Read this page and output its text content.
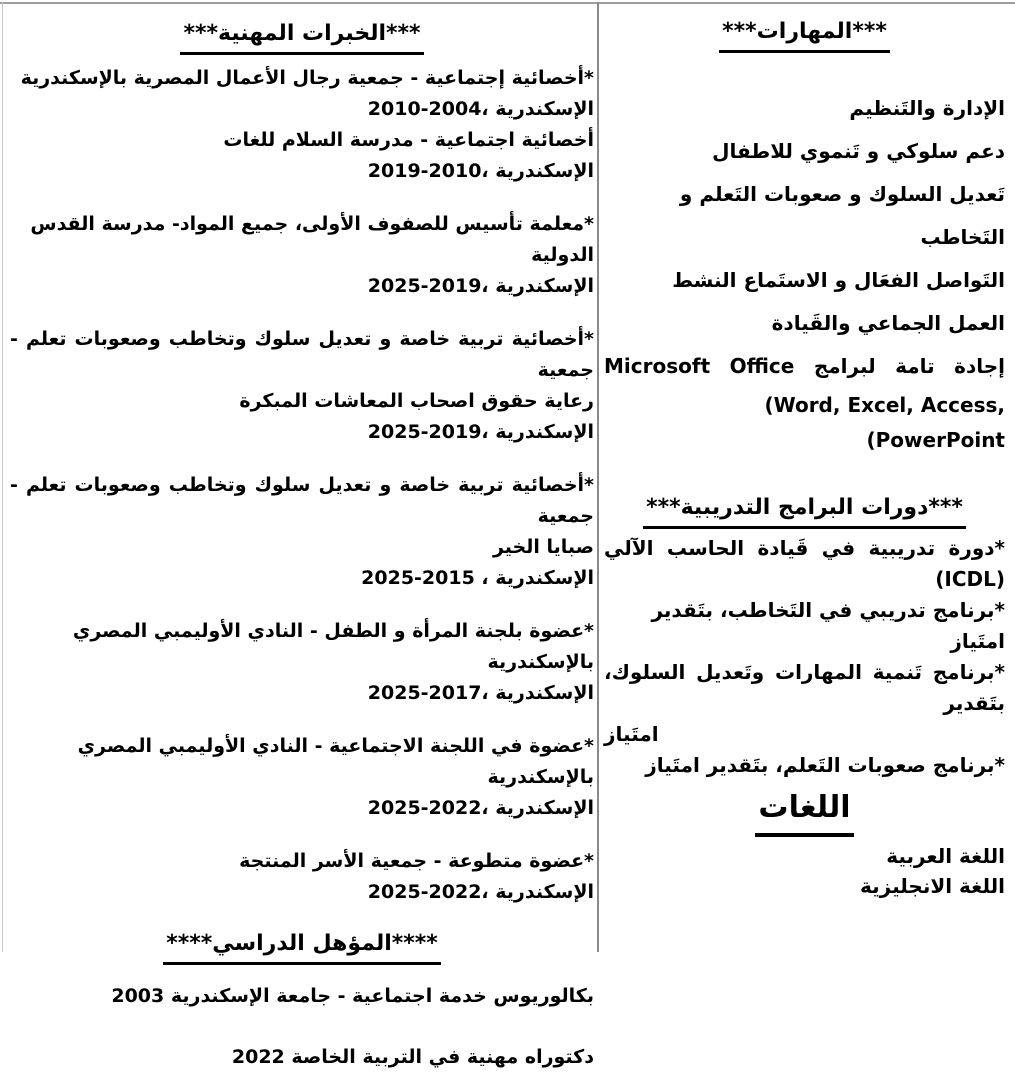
***الخبرات المهنية***
*أخصائية إجتماعية - جمعية رجال الأعمال المصرية بالإسكندرية
2010-2004، الإسكندرية
أخصائية اجتماعية - مدرسة السلام للغات
2019-2010، الإسكندرية
*معلمة تأسيس للصفوف الأولى، جميع المواد- مدرسة القدس الدولية
2025-2019، الإسكندرية
*أخصائية تربية خاصة و تعديل سلوك وتخاطب وصعوبات تعلم - جمعية
رعاية حقوق اصحاب المعاشات المبكرة
2025-2019، الإسكندرية
*أخصائية تربية خاصة و تعديل سلوك وتخاطب وصعوبات تعلم - جمعية
صبايا الخير
2025-2015 ، الإسكندرية
*عضوة بلجنة المرأة و الطفل - النادي الأوليمبي المصري بالإسكندرية
2025-2017، الإسكندرية
*عضوة في اللجنة الاجتماعية - النادي الأوليمبي المصري بالإسكندرية
2025-2022، الإسكندرية
*عضوة متطوعة - جمعية الأسر المنتجة
2025-2022، الإسكندرية
****المؤهل الدراسي****
بكالوريوس خدمة اجتماعية - جامعة الإسكندرية 2003
دكتوراه مهنية في التربية الخاصة 2022
***المهارات***
الإدارة والتَنظيم
دعم سلوكي و تَنموي للاطفال
تَعديل السلوك و صعوبات التَعلم و التَخاطب
التَواصل الفعَال و الاستَماع النشط
العمل الجماعي والقَيادة
إجادة تامة لبرامج Microsoft Office
(Word, Excel, Access,
(PowerPoint
***دورات البرامج التدريبية***
*دورة تدريبية في قَيادة الحاسب الآلي (ICDL)
*برنامج تدريبي في التَخاطب، بتَقدير امتَياز
*برنامج تَنمية المهارات وتَعديل السلوك، بتَقدير
امتَياز
*برنامج صعوبات التَعلم، بتَقدير امتَياز
اللغات
اللغة العربية
اللغة الانجليزية
